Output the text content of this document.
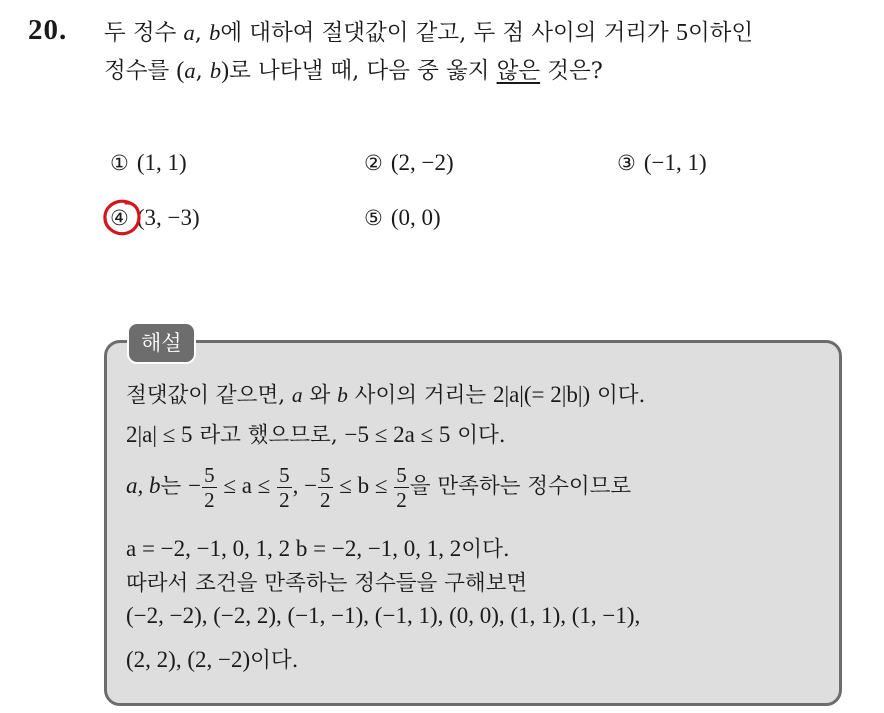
20. 두 정수 a, b에 대하여 절댓값이 같고, 두 점 사이의 거리가 5이하인
정수를 (a, b)로 나타낼 때, 다음 중 옳지 않은 것은?
① (1, 1)	② (2, −2)	③ (−1, 1)
④ (3, −3)	⑤ (0, 0)
해설
절댓값이 같으면, a 와 b 사이의 거리는 2|a|(= 2|b|) 이다.
2|a| ≤ 5 라고 했으므로, −5 ≤ 2a ≤ 5 이다.
a, b는 − $\frac{5}{2} \le a \le \frac{5}{2}$ , − $\frac{5}{2} \le b \le \frac{5}{2}$ 을 만족하는 정수이므로
a = −2, −1, 0, 1, 2 b = −2, −1, 0, 1, 2이다.
따라서 조건을 만족하는 정수들을 구해보면
(−2, −2), (−2, 2), (−1, −1), (−1, 1), (0, 0), (1, 1), (1, −1),
(2, 2), (2, −2)이다.
